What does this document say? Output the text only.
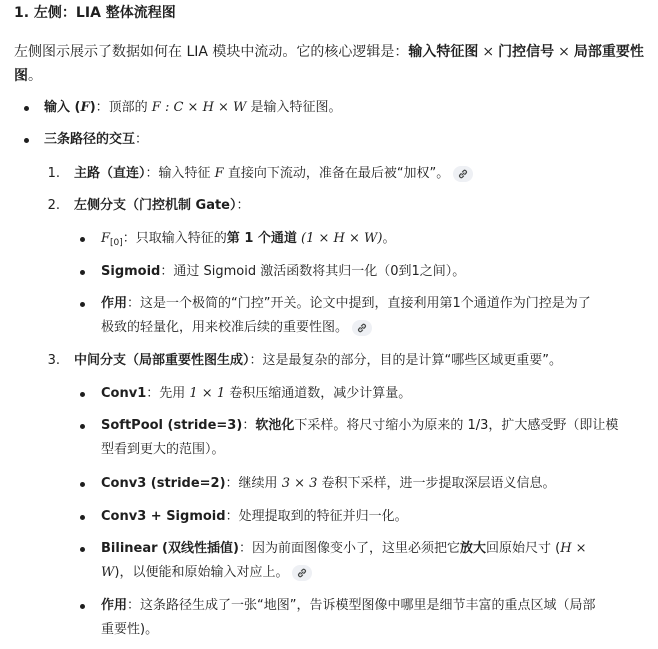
1. 左侧：LIA 整体流程图
左侧图示展示了数据如何在 LIA 模块中流动。它的核心逻辑是：输入特征图 × 门控信号 × 局部重要性图。
输入 (F)：顶部的 F : C × H × W 是输入特征图。
三条路径的交互：
1. 主路（直连）：输入特征 F 直接向下流动，准备在最后被“加权”。
2. 左侧分支（门控机制 Gate）：
$F_{[0]}$：只取输入特征的第 1 个通道 (1 × H × W)。
Sigmoid：通过 Sigmoid 激活函数将其归一化（0到1之间）。
作用：这是一个极简的“门控”开关。论文中提到，直接利用第1个通道作为门控是为了
极致的轻量化，用来校准后续的重要性图。
3. 中间分支（局部重要性图生成）：这是最复杂的部分，目的是计算“哪些区域更重要”。
Conv1：先用 1 × 1 卷积压缩通道数，减少计算量。
SoftPool (stride=3)：软池化下采样。将尺寸缩小为原来的 1/3，扩大感受野（即让模
型看到更大的范围）。
Conv3 (stride=2)：继续用 3 × 3 卷积下采样，进一步提取深层语义信息。
Conv3 + Sigmoid：处理提取到的特征并归一化。
Bilinear (双线性插值)：因为前面图像变小了，这里必须把它放大回原始尺寸 (H ×
W)，以便能和原始输入对应上。
作用：这条路径生成了一张“地图”，告诉模型图像中哪里是细节丰富的重点区域（局部
重要性)。
